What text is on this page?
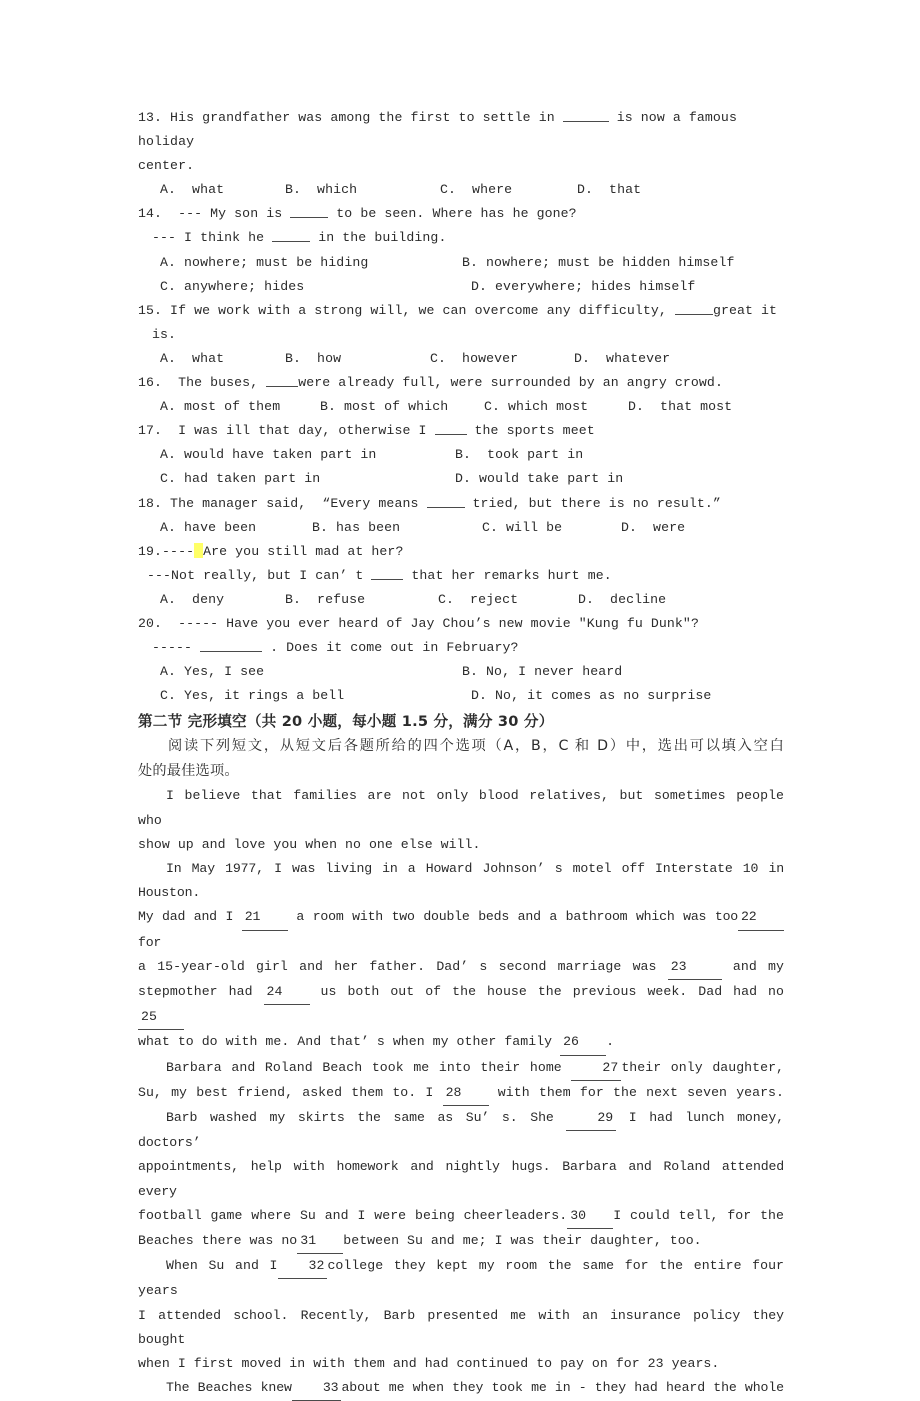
13. His grandfather was among the first to settle in	is now a famous holiday
center.
A.  what	B.  which	C.  where	D.  that
14.  --- My son is	to be seen. Where has he gone?
--- I think he	in the building.
A. nowhere; must be hiding	B. nowhere; must be hidden himself
C. anywhere; hides	D. everywhere; hides himself
15. If we work with a strong will, we can overcome any difficulty,	great it
is.
A.  what	B.  how	C.  however	D.  whatever
16.  The buses, were already full, were surrounded by an angry crowd.
A. most of them	B. most of which	C. which most	D.  that most
17.  I was ill that day, otherwise I  the sports meet
A. would have taken part in	B.  took part in
C. had taken part in	D. would take part in
18. The manager said,  “Every means	tried, but there is no result.”
A. have been	B. has been	C. will be	D.  were
19.---- Are you still mad at her?
---Not really, but I can’ t  that her remarks hurt me.
A.  deny	B.  refuse	C.  reject	D.  decline
20.  ----- Have you ever heard of Jay Chou’s new movie "Kung fu Dunk"?
-----	. Does it come out in February?
A. Yes, I see	B. No, I never heard
C. Yes, it rings a bell	D. No, it comes as no surprise
第二节 完形填空（共 20 小题，每小题 1.5 分，满分 30 分）
阅读下列短文，从短文后各题所给的四个选项（A，B，C 和 D）中，选出可以填入空白
处的最佳选项。
I believe that families are not only blood relatives, but sometimes people who
show up and love you when no one else will.
In May 1977, I was living in a Howard Johnson’ s motel off Interstate 10 in Houston.
My dad and I 21 a room with two double beds and a bathroom which was too 22 for
a 15-year-old girl and her father. Dad’ s second marriage was 23	and my
stepmother had 24 us both out of the house the previous week. Dad had no25
what to do with me. And that’ s when my other family 26 .
Barbara and Roland Beach took me into their home 27 their only daughter,
Su, my best friend, asked them to. I 28 with them for the next seven years.
Barb washed my skirts the same as Su’ s. She 29 I had lunch money, doctors’
appointments, help with homework and nightly hugs. Barbara and Roland attended every
football game where Su and I were being cheerleaders. 30 I could tell, for the
Beaches there was no 31 between Su and me; I was their daughter, too.
When Su and I 32 college they kept my room the same for the entire four years
I attended school. Recently, Barb presented me with an insurance policy they bought
when I first moved in with them and had continued to pay on for 23 years.
The Beaches knew 33 about me when they took me in - they had heard the whole
